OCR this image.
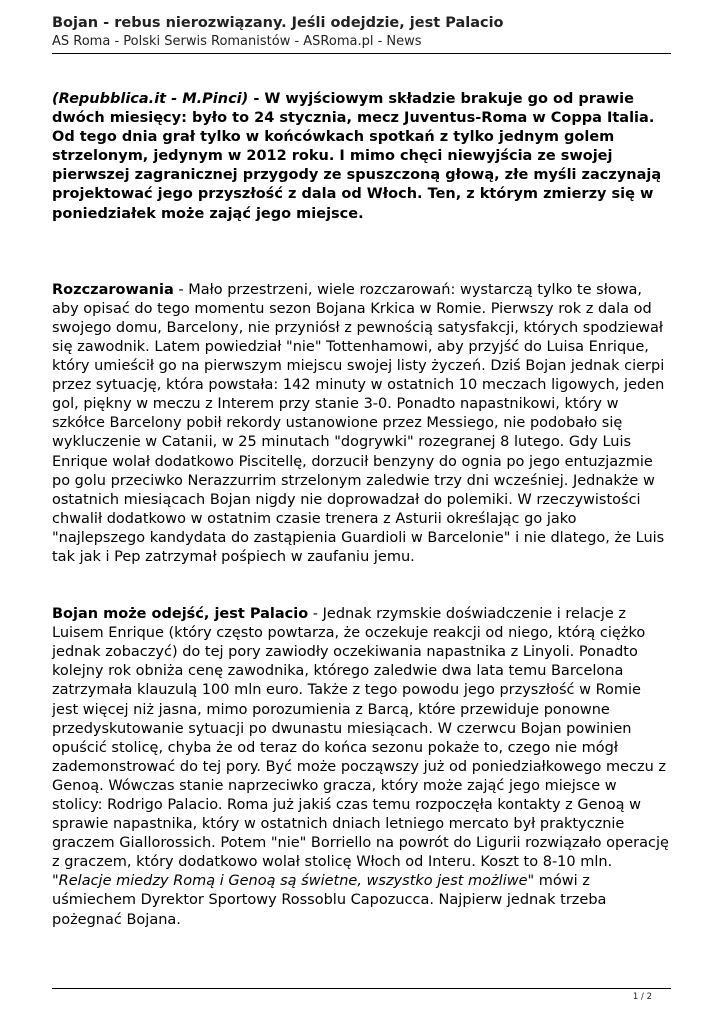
Bojan - rebus nierozwiązany. Jeśli odejdzie, jest Palacio
AS Roma - Polski Serwis Romanistów - ASRoma.pl - News

(Repubblica.it - M.Pinci) - W wyjściowym składzie brakuje go od prawie dwóch miesięcy: było to 24 stycznia, mecz Juventus-Roma w Coppa Italia. Od tego dnia grał tylko w końcówkach spotkań z tylko jednym golem strzelonym, jedynym w 2012 roku. I mimo chęci niewyjścia ze swojej pierwszej zagranicznej przygody ze spuszczoną głową, złe myśli zaczynają projektować jego przyszłość z dala od Włoch. Ten, z którym zmierzy się w poniedziałek może zająć jego miejsce.

Rozczarowania - Mało przestrzeni, wiele rozczarowań: wystarczą tylko te słowa, aby opisać do tego momentu sezon Bojana Krkica w Romie. Pierwszy rok z dala od swojego domu, Barcelony, nie przyniósł z pewnością satysfakcji, których spodziewał się zawodnik. Latem powiedział "nie" Tottenhamowi, aby przyjść do Luisa Enrique, który umieścił go na pierwszym miejscu swojej listy życzeń. Dziś Bojan jednak cierpi przez sytuację, która powstała: 142 minuty w ostatnich 10 meczach ligowych, jeden gol, piękny w meczu z Interem przy stanie 3-0. Ponadto napastnikowi, który w szkółce Barcelony pobił rekordy ustanowione przez Messiego, nie podobało się wykluczenie w Catanii, w 25 minutach "dogrywki" rozegranej 8 lutego. Gdy Luis Enrique wolał dodatkowo Piscitellę, dorzucił benzyny do ognia po jego entuzjazmie po golu przeciwko Nerazzurrim strzelonym zaledwie trzy dni wcześniej. Jednakże w ostatnich miesiącach Bojan nigdy nie doprowadzał do polemiki. W rzeczywistości chwalił dodatkowo w ostatnim czasie trenera z Asturii określając go jako "najlepszego kandydata do zastąpienia Guardioli w Barcelonie" i nie dlatego, że Luis tak jak i Pep zatrzymał pośpiech w zaufaniu jemu.

Bojan może odejść, jest Palacio - Jednak rzymskie doświadczenie i relacje z Luisem Enrique (który często powtarza, że oczekuje reakcji od niego, którą ciężko jednak zobaczyć) do tej pory zawiodły oczekiwania napastnika z Linyoli. Ponadto kolejny rok obniża cenę zawodnika, którego zaledwie dwa lata temu Barcelona zatrzymała klauzulą 100 mln euro. Także z tego powodu jego przyszłość w Romie jest więcej niż jasna, mimo porozumienia z Barcą, które przewiduje ponowne przedyskutowanie sytuacji po dwunastu miesiącach. W czerwcu Bojan powinien opuścić stolicę, chyba że od teraz do końca sezonu pokaże to, czego nie mógł zademonstrować do tej pory. Być może począwszy już od poniedziałkowego meczu z Genoą. Wówczas stanie naprzeciwko gracza, który może zająć jego miejsce w stolicy: Rodrigo Palacio. Roma już jakiś czas temu rozpoczęła kontakty z Genoą w sprawie napastnika, który w ostatnich dniach letniego mercato był praktycznie graczem Giallorossich. Potem "nie" Borriello na powrót do Ligurii rozwiązało operację z graczem, który dodatkowo wolał stolicę Włoch od Interu. Koszt to 8-10 mln. "Relacje miedzy Romą i Genoą są świetne, wszystko jest możliwe" mówi z uśmiechem Dyrektor Sportowy Rossoblu Capozucca. Najpierw jednak trzeba pożegnać Bojana.

1 / 2
